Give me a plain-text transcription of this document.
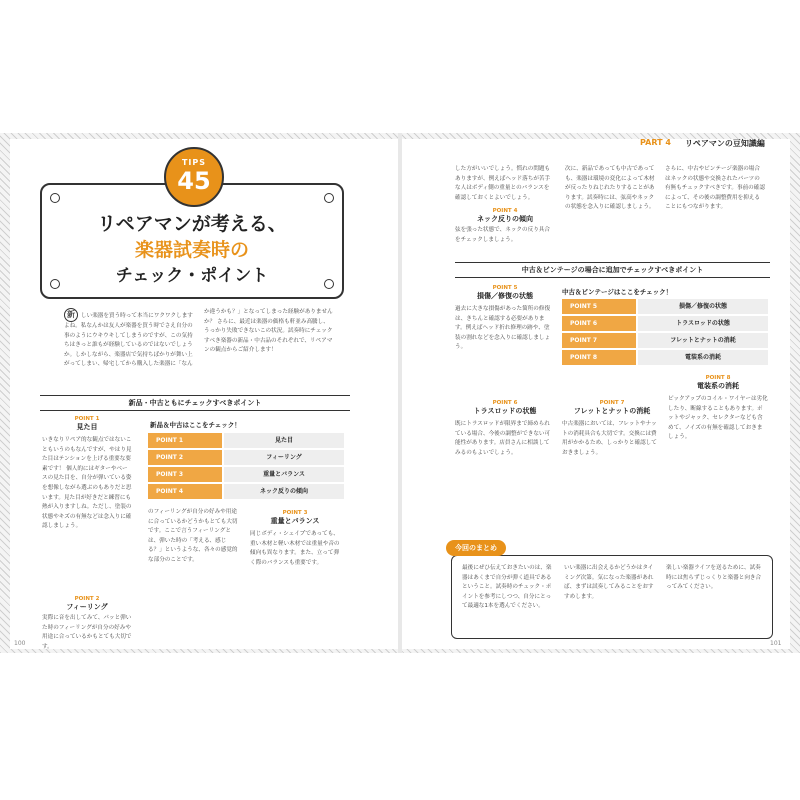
PART 4 リペアマンの豆知識編
TIPS
45
リペアマンが考える、
楽器試奏時の
チェック・ポイント
新 しい楽器を買う時って本当にワクワクしますよね。私なんかは友人が楽器を買う時でさえ自分の事のようにウキウキしてしまうのですが、この気持ちはきっと誰もが経験しているのではないでしょうか。しかしながら、楽器店で気持ちばかりが舞い上がってしまい、帰宅してから購入した楽器に「なん
か違うかも？」となってしまった経験がありませんか？ さらに、最近は楽器の価格も軒並み高騰し、うっかり失敗できないこの状況。試奏時にチェックすべき楽器の新品・中古品のそれぞれで、リペアマンの観点からご紹介します！
新品・中古ともにチェックすべきポイント
POINT 1
見た目
いきなりリペア的な観点ではないこともいうのもなんですが、やはり見た目はテンションを上げる重要な要素です！ 個人的にはギターやベースの見た目を、自分が弾いている姿を想像しながら選ぶのもありだと思います。見た目が好きだと練習にも熱が入りますしね。ただし、塗装の状態やキズの有無などは念入りに確認しましょう。
POINT 2
フィーリング
実際に音を出してみて、パッと弾いた時のフィーリングが自分の好みや用途に合っているかもとても大切です。
新品＆中古はここをチェック！
POINT 1	見た目
POINT 2	フィーリング
POINT 3	重量とバランス
POINT 4	ネック反りの傾向
のフィーリングが自分の好みや用途に合っているかどうかもとても大切です。ここで言うフィーリングとは、弾いた時の「考える、感じる？」というような、各々の感覚的な部分のことです。
POINT 3
重量とバランス
同じボディ・シェイプであっても、重い木材と軽い木材では重量や音の傾向も異なります。また、立って弾く際のバランスも重要です。
した方がいいでしょう。慣れの問題もありますが、例えばヘッド落ちが苦手な人はボディ側の重量とのバランスを確認しておくとよいでしょう。
POINT 4
ネック反りの傾向
弦を張った状態で、ネックの反り具合をチェックしましょう。
次に、新品であっても中古であっても、楽器は環境の変化によって木材が反ったりねじれたりすることがあります。試奏時には、弦高やネックの状態を念入りに確認しましょう。
さらに、中古やビンテージ楽器の場合はネックの状態や交換されたパーツの有無もチェックすべきです。事前の確認によって、その後の調整費用を抑えることにもつながります。
中古＆ビンテージの場合に追加でチェックすべきポイント
POINT 5
損傷／修復の状態
過去に大きな損傷があった箇所の修復は、きちんと確認する必要があります。例えばヘッド折れ修理の跡や、塗装の割れなどを念入りに確認しましょう。
中古＆ビンテージはここをチェック！
POINT 5	損傷／修復の状態
POINT 6	トラスロッドの状態
POINT 7	フレットとナットの消耗
POINT 8	電装系の消耗
POINT 6
トラスロッドの状態
既にトラスロッドが限界まで締められている場合、今後の調整ができない可能性があります。店員さんに相談してみるのもよいでしょう。
POINT 7
フレットとナットの消耗
中古楽器においては、フレットやナットの消耗具合も大切です。交換には費用がかかるため、しっかりと確認しておきましょう。
POINT 8
電装系の消耗
ピックアップのコイル・ワイヤーは劣化したり、断線することもあります。ポットやジャック、セレクターなども含めて、ノイズの有無を確認しておきましょう。
今回のまとめ
最後にぜひ伝えておきたいのは、楽器はあくまで自分が弾く道具であるということ。試奏時のチェック・ポイントを参考にしつつ、自分にとって最適な1本を選んでください。
いい楽器に出会えるかどうかはタイミング次第。気になった楽器があれば、まずは試奏してみることをおすすめします。
楽しい楽器ライフを送るために、試奏時には焦らずじっくりと楽器と向き合ってみてください。
100	101
